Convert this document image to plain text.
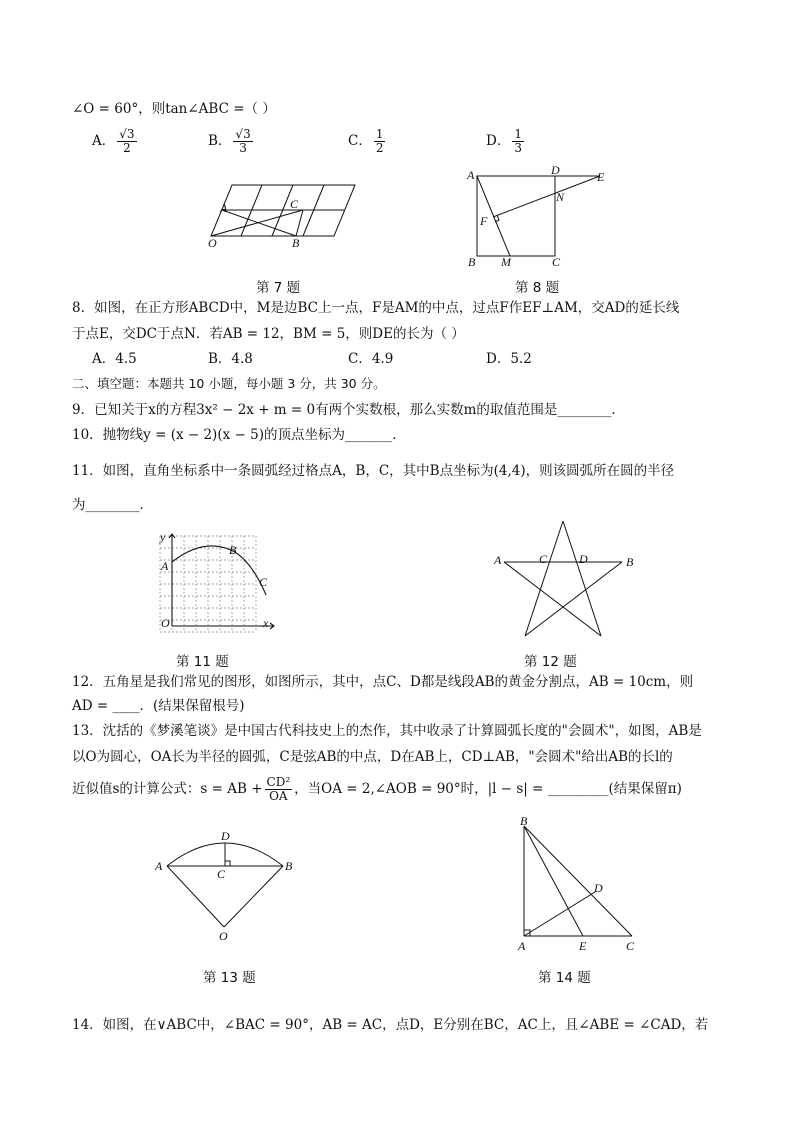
∠O = 60°，则tan∠ABC =（ ）
A． $\frac{√3}{2}$	B． $\frac{√3}{3}$	C． $\frac{1}{2}$	D． $\frac{1}{3}$
A	C
O	B
A	D	E
N
F
B M	C
第 7 题	第 8 题
8．如图，在正方形ABCD中，M是边BC上一点，F是AM的中点，过点F作EF⊥AM，交AD的延长线
于点E，交DC于点N．若AB = 12，BM = 5，则DE的长为（ ）
A．4.5	B．4.8	C．4.9	D．5.2
二、填空题：本题共 10 小题，每小题 3 分，共 30 分。
9．已知关于x的方程3x² − 2x + m = 0有两个实数根，那么实数m的取值范围是________．
10．抛物线y = (x − 2)(x − 5)的顶点坐标为_______．
11．如图，直角坐标系中一条圆弧经过格点A，B，C，其中B点坐标为(4,4)，则该圆弧所在圆的半径
为________．
y
A
B
C
O	x
A	C	D	B
第 11 题	第 12 题
12．五角星是我们常见的图形，如图所示，其中，点C、D都是线段AB的黄金分割点，AB = 10cm，则
AD = ____．(结果保留根号)
13．沈括的《梦溪笔谈》是中国古代科技史上的杰作，其中收录了计算圆弧长度的"会圆术"，如图，AB是
以O为圆心，OA长为半径的圆弧，C是弦AB的中点，D在AB上，CD⊥AB，"会圆术"给出AB的长l的
近似值s的计算公式：s = AB + $\frac{\text{CD²}}{OA}$ ，当OA = 2,∠AOB = 90°时，|l − s| = _________(结果保留π)
A	B
C
D
O
B
D
A	E	C
第 13 题	第 14 题
14．如图，在∨ABC中，∠BAC = 90°，AB = AC，点D，E分别在BC，AC上，且∠ABE = ∠CAD，若
